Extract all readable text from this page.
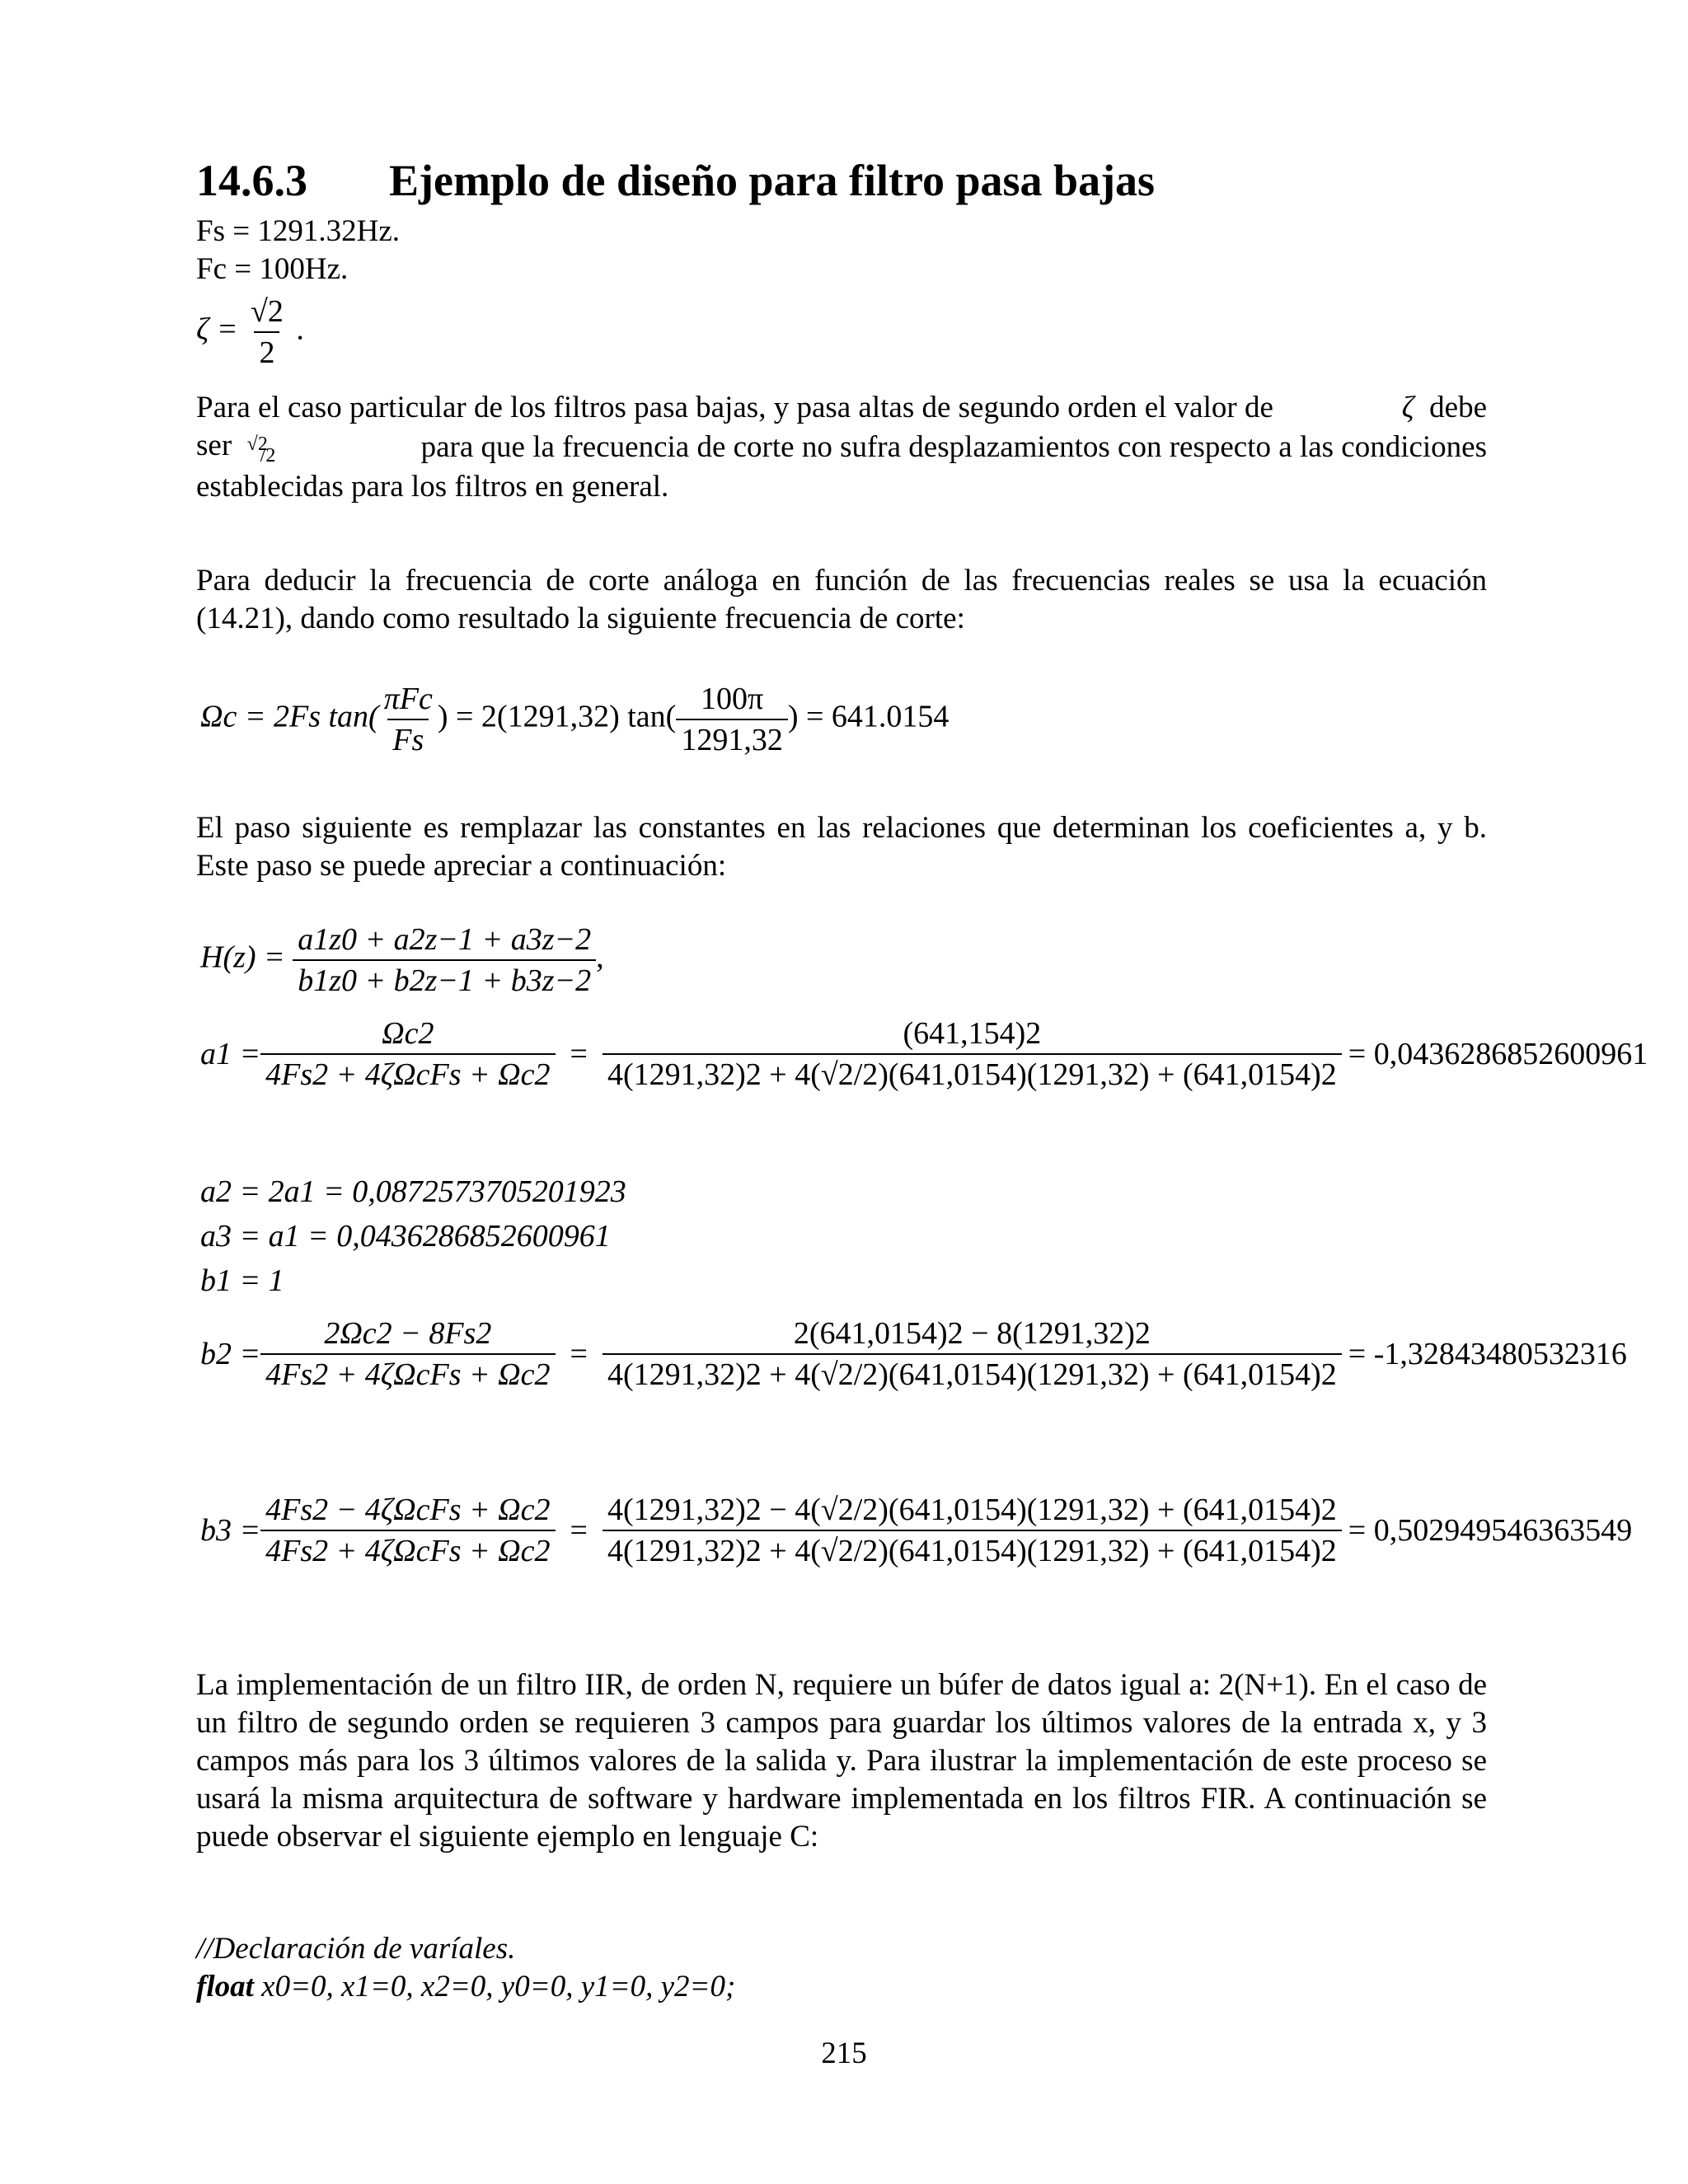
14.6.3 Ejemplo de diseño para filtro pasa bajas
Fs = 1291.32Hz.
Fc = 100Hz.
$\zeta = \frac{√2}{2}$ .
Para el caso particular de los filtros pasa bajas, y pasa altas de segundo orden el valor de	ζ debe
ser √2
/2	para que la frecuencia de corte no sufra desplazamientos con respecto a las condiciones
establecidas para los filtros en general.
Para deducir la frecuencia de corte análoga en función de las frecuencias reales se usa la ecuación (14.21), dando como resultado la siguiente frecuencia de corte:
Ωc = 2Fs $\tan( \frac{\text{πFc}}{Fs}$ ) = 2(1291,32) $\tan( \frac{100\pi}{1291,32}$ ) = 641.0154
El paso siguiente es remplazar las constantes en las relaciones que determinan los coeficientes a, y b. Este paso se puede apreciar a continuación:
$H(z) = \frac{a1z0 + a2z-1 + a3z-2}{b1z0 + b2z-1 + b3z-2}$ ,
$a1 = \frac{\Omega c2}{\text{4Fs2 + 4ζΩcFs + Ωc2}} = \frac{(641,154)2}{4(1291,32)2 + 4(√2/2)(641,0154)(1291,32) + (641,0154)2} = 0,0436286852600961$
a2 = 2a1 = 0,0872573705201923
a3 = a1 = 0,0436286852600961
b1 = 1
$b2 = \frac{2\Omega c2 - 8Fs2}{\text{4Fs2 + 4ζΩcFs + Ωc2}} = \frac{2(641,0154)2 - 8(1291,32)2}{4(1291,32)2 + 4(√2/2)(641,0154)(1291,32) + (641,0154)2} = -1,32843480532316$
$b3 = \frac{\text{4Fs2 − 4ζΩcFs + Ωc2}}{\text{4Fs2 + 4ζΩcFs + Ωc2}} = \frac{4(1291,32)2 - 4(√2/2)(641,0154)(1291,32) + (641,0154)2}{4(1291,32)2 + 4(√2/2)(641,0154)(1291,32) + (641,0154)2} = 0,502949546363549$
La implementación de un filtro IIR, de orden N, requiere un búfer de datos igual a: 2(N+1). En el caso de un filtro de segundo orden se requieren 3 campos para guardar los últimos valores de la entrada x, y 3 campos más para los 3 últimos valores de la salida y. Para ilustrar la implementación de este proceso se usará la misma arquitectura de software y hardware implementada en los filtros FIR. A continuación se puede observar el siguiente ejemplo en lenguaje C:
//Declaración de varíales.
float x0=0, x1=0, x2=0, y0=0, y1=0, y2=0;
215
